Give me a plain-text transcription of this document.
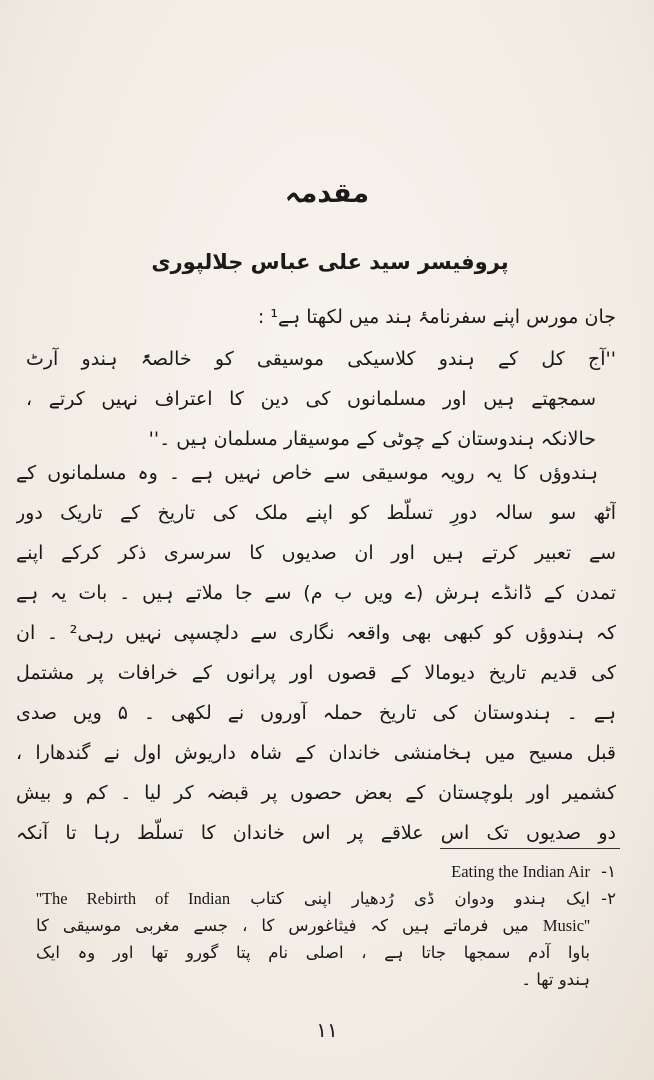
مقدمہ
پروفیسر سید علی عباس جلالپوری
جان مورس اپنے سفرنامۂ ہند میں لکھتا ہے¹ :
''آج کل کے ہندو کلاسیکی موسیقی کو خالصۃً ہندو آرٹ
سمجھتے ہیں اور مسلمانوں کی دین کا اعتراف نہیں کرتے ،
حالانکہ ہندوستان کے چوٹی کے موسیقار مسلمان ہیں ۔''
ہندوؤں کا یہ رویہ موسیقی سے خاص نہیں ہے ۔ وہ مسلمانوں کے
آٹھ سو سالہ دورِ تسلّط کو اپنے ملک کی تاریخ کے تاریک دور
سے تعبیر کرتے ہیں اور ان صدیوں کا سرسری ذکر کرکے اپنے
تمدن کے ڈانڈے ہرش (ے ویں ب م) سے جا ملاتے ہیں ۔ بات یہ ہے
کہ ہندوؤں کو کبھی بھی واقعہ نگاری سے دلچسپی نہیں رہی² ۔ ان
کی قدیم تاریخ دیومالا کے قصوں اور پرانوں کے خرافات پر مشتمل
ہے ۔ ہندوستان کی تاریخ حملہ آوروں نے لکھی ۔ ۵ ویں صدی
قبل مسیح میں ہخامنشی خاندان کے شاہ داریوش اول نے گندھارا ،
کشمیر اور بلوچستان کے بعض حصوں پر قبضہ کر لیا ۔ کم و بیش
دو صدیوں تک اس علاقے پر اس خاندان کا تسلّط رہا تا آنکہ
۱-
Eating the Indian Air
۲-
ایک ہندو ودوان ڈی رُدھیار اپنی کتاب ''The Rebirth of Indian
Music'' میں فرماتے ہیں کہ فیثاغورس کا ، جسے مغربی موسیقی کا
باوا آدم سمجھا جاتا ہے ، اصلی نام پتا گورو تھا اور وہ ایک
ہندو تھا ۔
۱۱
